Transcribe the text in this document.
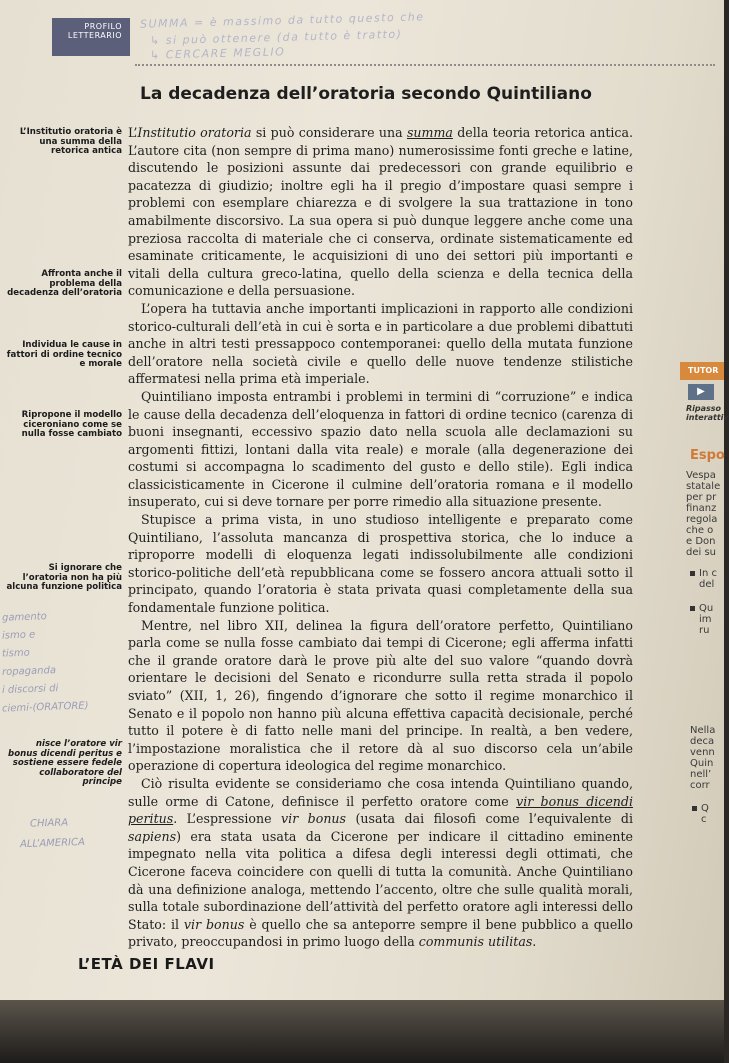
PROFILO
LETTERARIO
SUMMA = è massimo da tutto questo che
↳ si può ottenere (da tutto è tratto)
↳ CERCARE MEGLIO
La decadenza dell’oratoria secondo Quintiliano

L’Institutio oratoria si può considerare una summa della teoria retorica antica. L’autore cita (non sempre di prima mano) numerosissime fonti greche e latine, discutendo le posizioni assunte dai predecessori con grande equilibrio e pacatezza di giudizio; inoltre egli ha il pregio d’impostare quasi sempre i problemi con esemplare chiarezza e di svolgere la sua trattazione in tono amabilmente discorsivo. La sua opera si può dunque leggere anche come una preziosa raccolta di materiale che ci conserva, ordinate sistematicamente ed esaminate criticamente, le acquisizioni di uno dei settori più importanti e vitali della cultura greco-latina, quello della scienza e della tecnica della comunicazione e della persuasione.

L’opera ha tuttavia anche importanti implicazioni in rapporto alle condizioni storico-culturali dell’età in cui è sorta e in particolare a due problemi dibattuti anche in altri testi pressappoco contemporanei: quello della mutata funzione dell’oratore nella società civile e quello delle nuove tendenze stilistiche affermatesi nella prima età imperiale.

Quintiliano imposta entrambi i problemi in termini di “corruzione” e indica le cause della decadenza dell’eloquenza in fattori di ordine tecnico (carenza di buoni insegnanti, eccessivo spazio dato nella scuola alle declamazioni su argomenti fittizi, lontani dalla vita reale) e morale (alla degenerazione dei costumi si accompagna lo scadimento del gusto e dello stile). Egli indica classicisticamente in Cicerone il culmine dell’oratoria romana e il modello insuperato, cui si deve tornare per porre rimedio alla situazione presente.

Stupisce a prima vista, in uno studioso intelligente e preparato come Quintiliano, l’assoluta mancanza di prospettiva storica, che lo induce a riproporre modelli di eloquenza legati indissolubilmente alle condizioni storico-politiche dell’età repubblicana come se fossero ancora attuali sotto il principato, quando l’oratoria è stata privata quasi completamente della sua fondamentale funzione politica.

Mentre, nel libro XII, delinea la figura dell’oratore perfetto, Quintiliano parla come se nulla fosse cambiato dai tempi di Cicerone; egli afferma infatti che il grande oratore darà le prove più alte del suo valore “quando dovrà orientare le decisioni del Senato e ricondurre sulla retta strada il popolo sviato” (XII, 1, 26), fingendo d’ignorare che sotto il regime monarchico il Senato e il popolo non hanno più alcuna effettiva capacità decisionale, perché tutto il potere è di fatto nelle mani del principe. In realtà, a ben vedere, l’impostazione moralistica che il retore dà al suo discorso cela un’abile operazione di copertura ideologica del regime monarchico.

Ciò risulta evidente se consideriamo che cosa intenda Quintiliano quando, sulle orme di Catone, definisce il perfetto oratore come vir bonus dicendi peritus. L’espressione vir bonus (usata dai filosofi come l’equivalente di sapiens) era stata usata da Cicerone per indicare il cittadino eminente impegnato nella vita politica a difesa degli interessi degli ottimati, che Cicerone faceva coincidere con quelli di tutta la comunità. Anche Quintiliano dà una definizione analoga, mettendo l’accento, oltre che sulle qualità morali, sulla totale subordinazione dell’attività del perfetto oratore agli interessi dello Stato: il vir bonus è quello che sa anteporre sempre il bene pubblico a quello privato, preoccupandosi in primo luogo della communis utilitas.

L’Institutio oratoria è una summa della retorica antica
Affronta anche il problema della decadenza dell’oratoria
Individua le cause in fattori di ordine tecnico e morale
Ripropone il modello ciceroniano come se nulla fosse cambiato
Si ignorare che l’oratoria non ha più alcuna funzione politica
nisce l’oratore vir bonus dicendi peritus e sostiene essere fedele collaboratore del principe
gamento
ismo e
tismo
ropaganda
i discorsi di
ciemi-(ORATORE)
CHIARA
ALL’AMERICA
TUTOR
▶
Ripasso
interattiv
Espo
Vespa
statale
per pr
finanz
regola
che o
e Don
dei su
In c
del
Qu
im
ru
Nella
deca
venn
Quin
nell’
corr
Q
c
L’ETÀ DEI FLAVI
